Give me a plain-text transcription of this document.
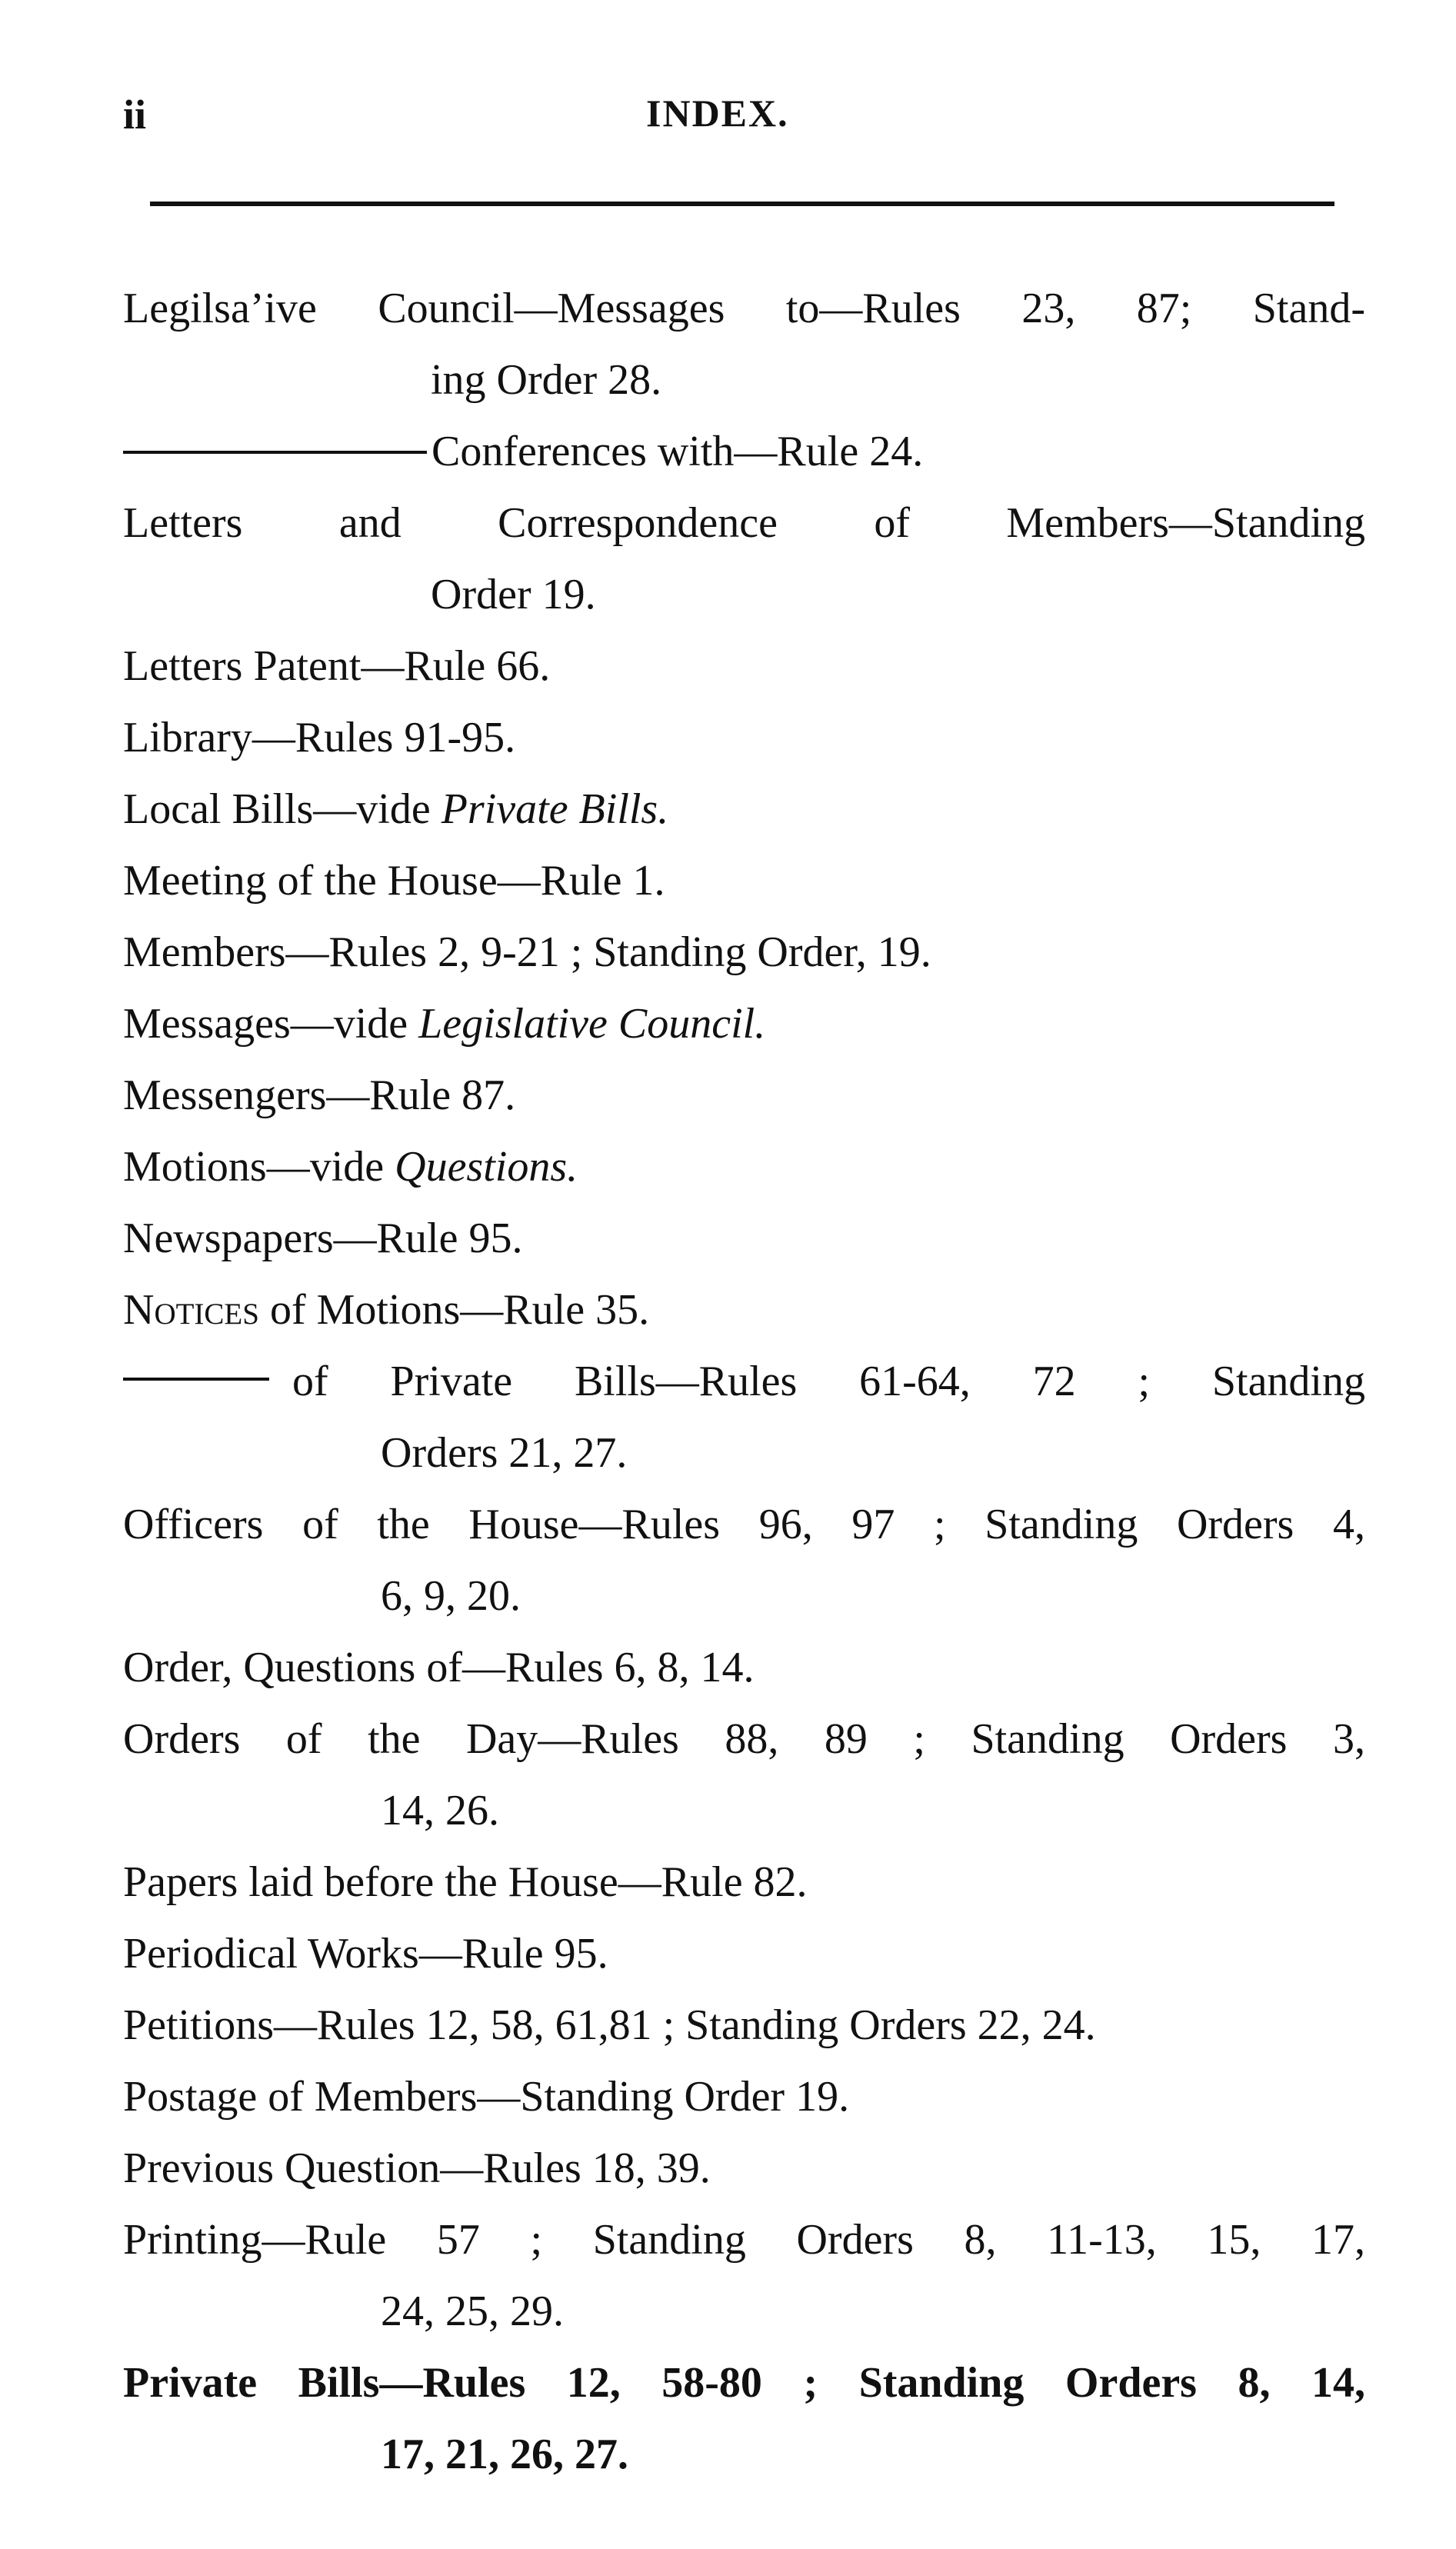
ii	INDEX.
Legilsa’ive Council—Messages to—Rules 23, 87; Stand-
ing Order 28.
Conferences with—Rule 24.
Letters and Correspondence of Members—Standing
Order 19.
Letters Patent—Rule 66.
Library—Rules 91-95.
Local Bills—vide Private Bills.
Meeting of the House—Rule 1.
Members—Rules 2, 9-21 ; Standing Order, 19.
Messages—vide Legislative Council.
Messengers—Rule 87.
Motions—vide Questions.
Newspapers—Rule 95.
Notices of Motions—Rule 35.
of Private Bills—Rules 61-64, 72 ; Standing
Orders 21, 27.
Officers of the House—Rules 96, 97 ; Standing Orders 4,
6, 9, 20.
Order, Questions of—Rules 6, 8, 14.
Orders of the Day—Rules 88, 89 ; Standing Orders 3,
14, 26.
Papers laid before the House—Rule 82.
Periodical Works—Rule 95.
Petitions—Rules 12, 58, 61,81 ; Standing Orders 22, 24.
Postage of Members—Standing Order 19.
Previous Question—Rules 18, 39.
Printing—Rule 57 ; Standing Orders 8, 11-13, 15, 17,
24, 25, 29.
Private Bills—Rules 12, 58-80 ; Standing Orders 8, 14,
17, 21, 26, 27.
